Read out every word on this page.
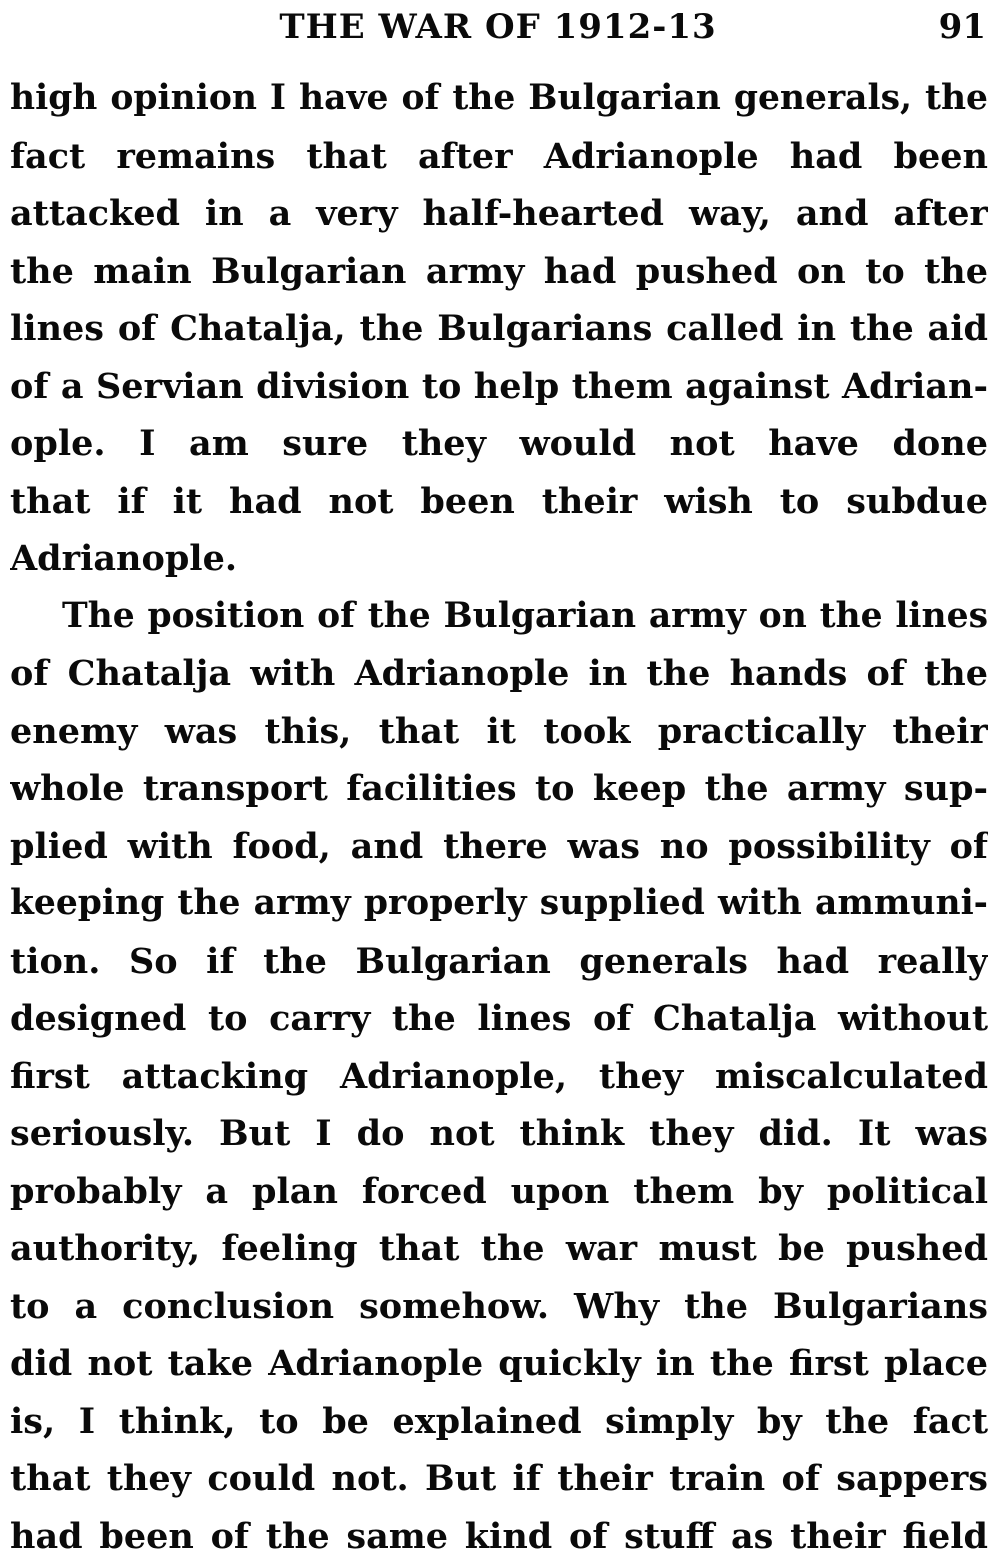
THE WAR OF 1912-13	91
high opinion I have of the Bulgarian generals, the
fact remains that after Adrianople had been
attacked in a very half-hearted way, and after
the main Bulgarian army had pushed on to the
lines of Chatalja, the Bulgarians called in the aid
of a Servian division to help them against Adrian-
ople. I am sure they would not have done
that if it had not been their wish to subdue
Adrianople.
The position of the Bulgarian army on the lines
of Chatalja with Adrianople in the hands of the
enemy was this, that it took practically their
whole transport facilities to keep the army sup-
plied with food, and there was no possibility of
keeping the army properly supplied with ammuni-
tion. So if the Bulgarian generals had really
designed to carry the lines of Chatalja without
first attacking Adrianople, they miscalculated
seriously. But I do not think they did. It was
probably a plan forced upon them by political
authority, feeling that the war must be pushed
to a conclusion somehow. Why the Bulgarians
did not take Adrianople quickly in the first place
is, I think, to be explained simply by the fact
that they could not. But if their train of sappers
had been of the same kind of stuff as their field
